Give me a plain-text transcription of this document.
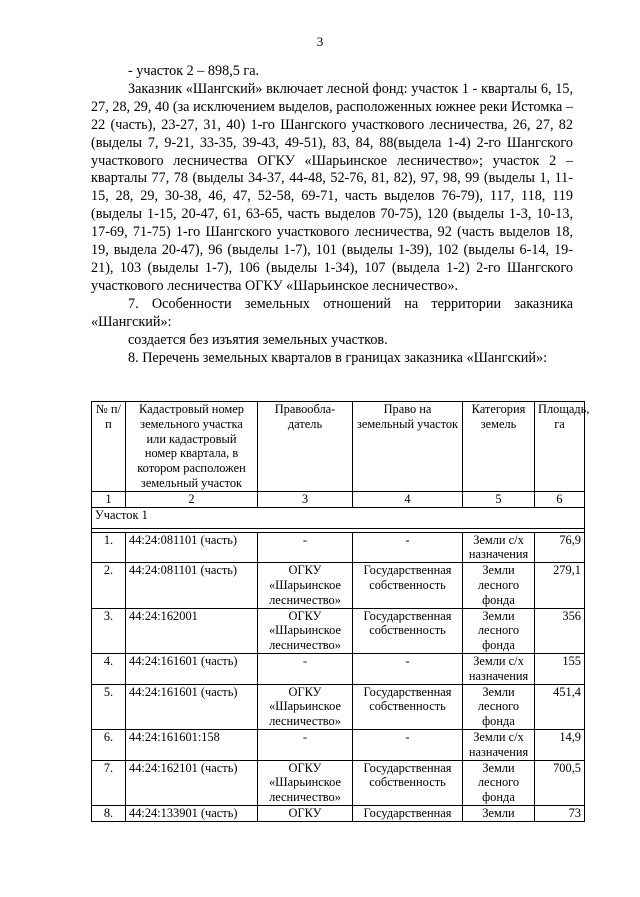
3

- участок 2 – 898,5 га.

Заказник «Шангский» включает лесной фонд: участок 1 - кварталы 6, 15, 27, 28, 29, 40 (за исключением выделов, расположенных южнее реки Истомка – 22 (часть), 23-27, 31, 40) 1-го Шангского участкового лесничества, 26, 27, 82 (выделы 7, 9-21, 33-35, 39-43, 49-51), 83, 84, 88(выдела 1-4) 2-го Шангского участкового лесничества ОГКУ «Шарьинское лесничество»; участок 2 – кварталы 77, 78 (выделы 34-37, 44-48, 52-76, 81, 82), 97, 98, 99 (выделы 1, 11-15, 28, 29, 30-38, 46, 47, 52-58, 69-71, часть выделов 76-79), 117, 118, 119 (выделы 1-15, 20-47, 61, 63-65, часть выделов 70-75), 120 (выделы 1-3, 10-13, 17-69, 71-75) 1-го Шангского участкового лесничества, 92 (часть выделов 18, 19, выдела 20-47), 96 (выделы 1-7), 101 (выделы 1-39), 102 (выделы 6-14, 19-21), 103 (выделы 1-7), 106 (выделы 1-34), 107 (выдела 1-2) 2-го Шангского участкового лесничества ОГКУ «Шарьинское лесничество».

7. Особенности земельных отношений на территории заказника «Шангский»:

создается без изъятия земельных участков.

8. Перечень земельных кварталов в границах заказника «Шангский»:

№ п/п	Кадастровый номер земельного участка или кадастровый номер квартала, в котором расположен земельный участок	Правообла-датель	Право на земельный участок	Категория земель	Площадь, га
1	2	3	4	5	6
Участок 1					

1.	44:24:081101 (часть)	-	-	Земли с/х назначения	76,9
2.	44:24:081101 (часть)	ОГКУ «Шарьинское лесничество»	Государственная собственность	Земли лесного фонда	279,1
3.	44:24:162001	ОГКУ «Шарьинское лесничество»	Государственная собственность	Земли лесного фонда	356
4.	44:24:161601 (часть)	-	-	Земли с/х назначения	155
5.	44:24:161601 (часть)	ОГКУ «Шарьинское лесничество»	Государственная собственность	Земли лесного фонда	451,4
6.	44:24:161601:158	-	-	Земли с/х назначения	14,9
7.	44:24:162101 (часть)	ОГКУ «Шарьинское лесничество»	Государственная собственность	Земли лесного фонда	700,5
8.	44:24:133901 (часть)	ОГКУ	Государственная	Земли	73
